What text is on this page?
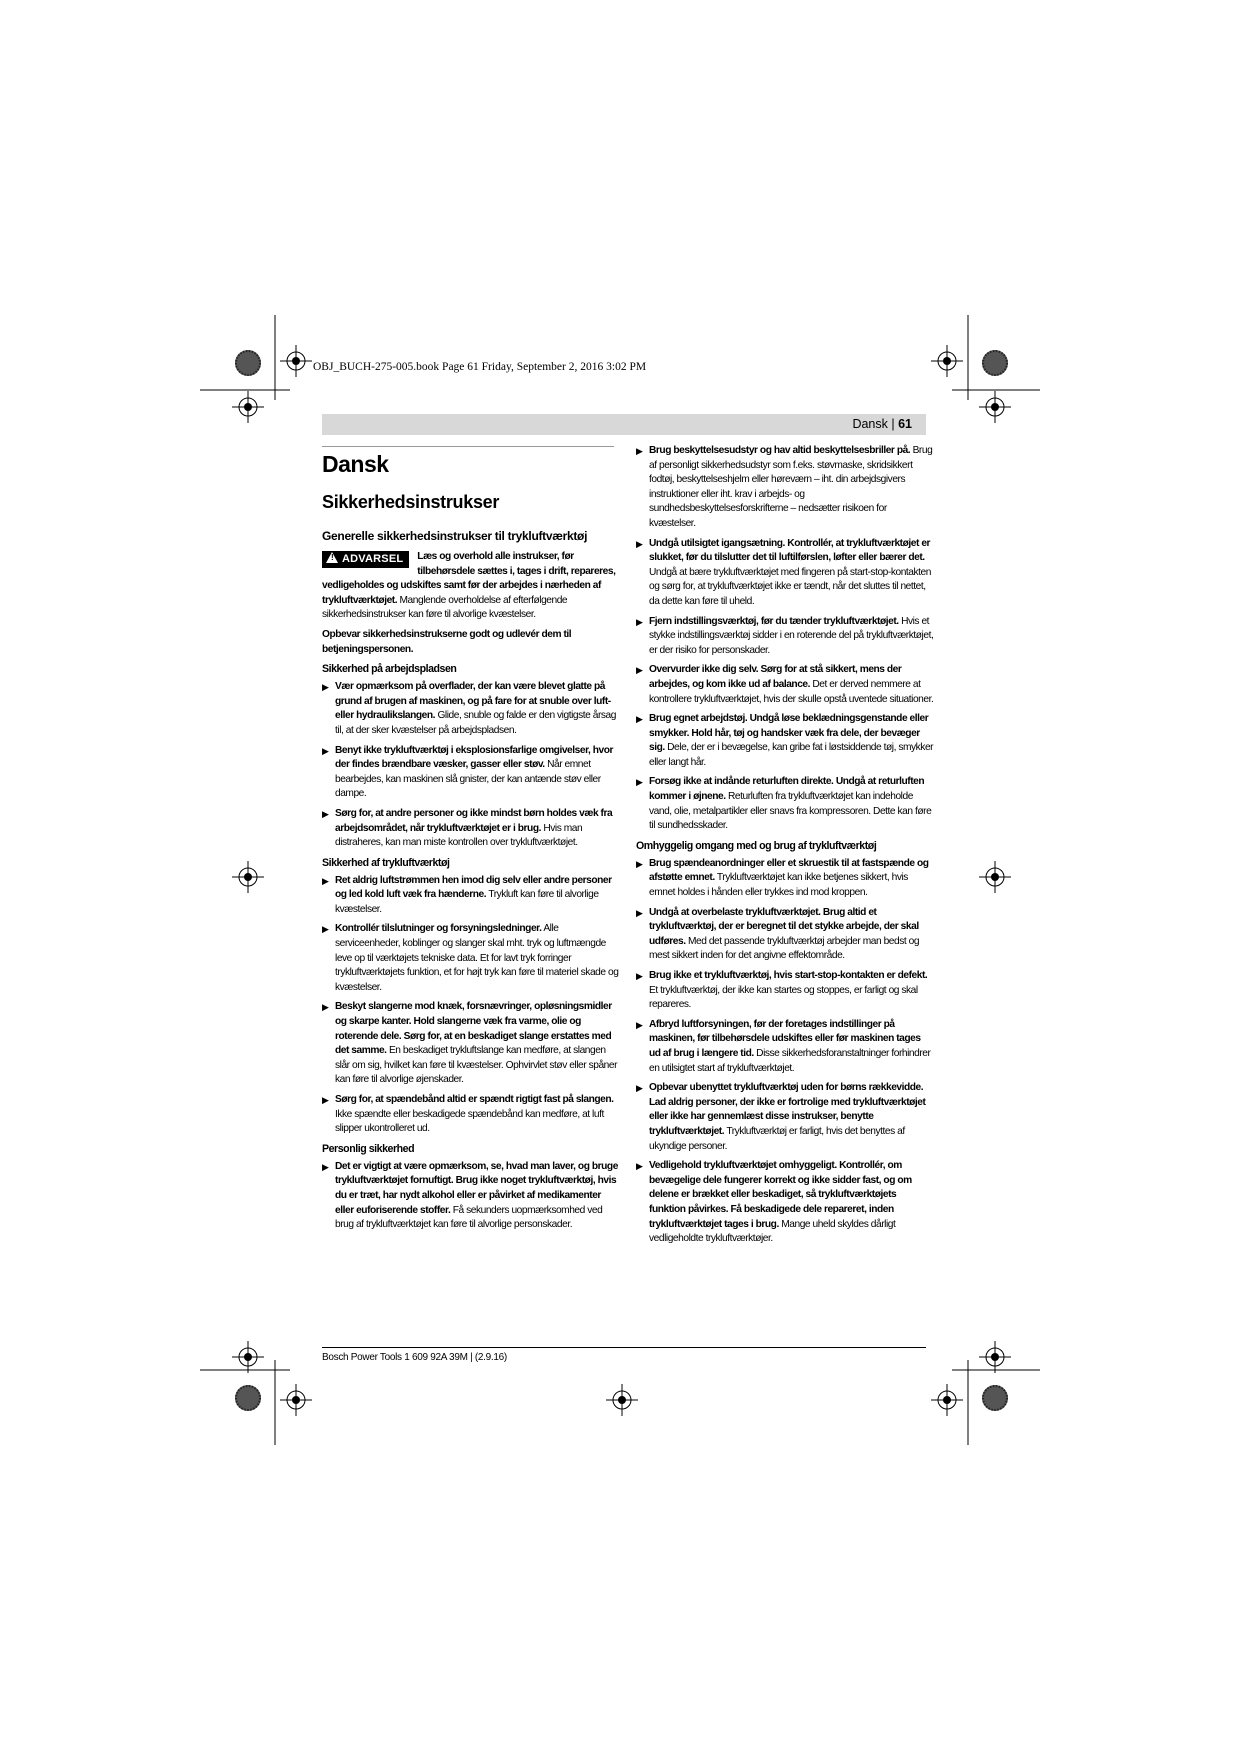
OBJ_BUCH-275-005.book Page 61 Friday, September 2, 2016 3:02 PM
Dansk | 61
Dansk
Sikkerhedsinstrukser
Generelle sikkerhedsinstrukser til trykluftværktøj

! ADVARSEL	Læs og overhold alle instrukser, før tilbehørsdele sættes i, tages i drift, repareres, vedligeholdes og udskiftes samt før der arbejdes i nærheden af trykluftværktøjet. Manglende overholdelse af efterfølgende sikkerhedsinstrukser kan føre til alvorlige kvæstelser.

Opbevar sikkerhedsinstrukserne godt og udlevér dem til betjeningspersonen.

Sikkerhed på arbejdspladsen
▶ Vær opmærksom på overflader, der kan være blevet glatte på grund af brugen af maskinen, og på fare for at snuble over luft- eller hydraulikslangen. Glide, snuble og falde er den vigtigste årsag til, at der sker kvæstelser på arbejdspladsen.
▶ Benyt ikke trykluftværktøj i eksplosionsfarlige omgivelser, hvor der findes brændbare væsker, gasser eller støv. Når emnet bearbejdes, kan maskinen slå gnister, der kan antænde støv eller dampe.
▶ Sørg for, at andre personer og ikke mindst børn holdes væk fra arbejdsområdet, når trykluftværktøjet er i brug. Hvis man distraheres, kan man miste kontrollen over trykluftværktøjet.
Sikkerhed af trykluftværktøj
▶ Ret aldrig luftstrømmen hen imod dig selv eller andre personer og led kold luft væk fra hænderne. Trykluft kan føre til alvorlige kvæstelser.
▶ Kontrollér tilslutninger og forsyningsledninger. Alle serviceenheder, koblinger og slanger skal mht. tryk og luftmængde leve op til værktøjets tekniske data. Et for lavt tryk forringer trykluftværktøjets funktion, et for højt tryk kan føre til materiel skade og kvæstelser.
▶ Beskyt slangerne mod knæk, forsnævringer, opløsningsmidler og skarpe kanter. Hold slangerne væk fra varme, olie og roterende dele. Sørg for, at en beskadiget slange erstattes med det samme. En beskadiget trykluftslange kan medføre, at slangen slår om sig, hvilket kan føre til kvæstelser. Ophvirvlet støv eller spåner kan føre til alvorlige øjenskader.
▶ Sørg for, at spændebånd altid er spændt rigtigt fast på slangen. Ikke spændte eller beskadigede spændebånd kan medføre, at luft slipper ukontrolleret ud.
Personlig sikkerhed
▶ Det er vigtigt at være opmærksom, se, hvad man laver, og bruge trykluftværktøjet fornuftigt. Brug ikke noget trykluftværktøj, hvis du er træt, har nydt alkohol eller er påvirket af medikamenter eller euforiserende stoffer. Få sekunders uopmærksomhed ved brug af trykluftværktøjet kan føre til alvorlige personskader.
▶ Brug beskyttelsesudstyr og hav altid beskyttelsesbriller på. Brug af personligt sikkerhedsudstyr som f.eks. støvmaske, skridsikkert fodtøj, beskyttelseshjelm eller høreværn – iht. din arbejdsgivers instruktioner eller iht. krav i arbejds- og sundhedsbeskyttelsesforskrifterne – nedsætter risikoen for kvæstelser.
▶ Undgå utilsigtet igangsætning. Kontrollér, at trykluftværktøjet er slukket, før du tilslutter det til luftilførslen, løfter eller bærer det. Undgå at bære trykluftværktøjet med fingeren på start-stop-kontakten og sørg for, at trykluftværktøjet ikke er tændt, når det sluttes til nettet, da dette kan føre til uheld.
▶ Fjern indstillingsværktøj, før du tænder trykluftværktøjet. Hvis et stykke indstillingsværktøj sidder i en roterende del på trykluftværktøjet, er der risiko for personskader.
▶ Overvurder ikke dig selv. Sørg for at stå sikkert, mens der arbejdes, og kom ikke ud af balance. Det er derved nemmere at kontrollere trykluftværktøjet, hvis der skulle opstå uventede situationer.
▶ Brug egnet arbejdstøj. Undgå løse beklædningsgenstande eller smykker. Hold hår, tøj og handsker væk fra dele, der bevæger sig. Dele, der er i bevægelse, kan gribe fat i løstsiddende tøj, smykker eller langt hår.
▶ Forsøg ikke at indånde returluften direkte. Undgå at returluften kommer i øjnene. Returluften fra trykluftværktøjet kan indeholde vand, olie, metalpartikler eller snavs fra kompressoren. Dette kan føre til sundhedsskader.
Omhyggelig omgang med og brug af trykluftværktøj
▶ Brug spændeanordninger eller et skruestik til at fastspænde og afstøtte emnet. Trykluftværktøjet kan ikke betjenes sikkert, hvis emnet holdes i hånden eller trykkes ind mod kroppen.
▶ Undgå at overbelaste trykluftværktøjet. Brug altid et trykluftværktøj, der er beregnet til det stykke arbejde, der skal udføres. Med det passende trykluftværktøj arbejder man bedst og mest sikkert inden for det angivne effektområde.
▶ Brug ikke et trykluftværktøj, hvis start-stop-kontakten er defekt. Et trykluftværktøj, der ikke kan startes og stoppes, er farligt og skal repareres.
▶ Afbryd luftforsyningen, før der foretages indstillinger på maskinen, før tilbehørsdele udskiftes eller før maskinen tages ud af brug i længere tid. Disse sikkerhedsforanstaltninger forhindrer en utilsigtet start af trykluftværktøjet.
▶ Opbevar ubenyttet trykluftværktøj uden for børns rækkevidde. Lad aldrig personer, der ikke er fortrolige med trykluftværktøjet eller ikke har gennemlæst disse instrukser, benytte trykluftværktøjet. Trykluftværktøj er farligt, hvis det benyttes af ukyndige personer.
▶ Vedligehold trykluftværktøjet omhyggeligt. Kontrollér, om bevægelige dele fungerer korrekt og ikke sidder fast, og om delene er brækket eller beskadiget, så trykluftværktøjets funktion påvirkes. Få beskadigede dele repareret, inden trykluftværktøjet tages i brug. Mange uheld skyldes dårligt vedligeholdte trykluftværktøjer.
Bosch Power Tools 1 609 92A 39M | (2.9.16)
